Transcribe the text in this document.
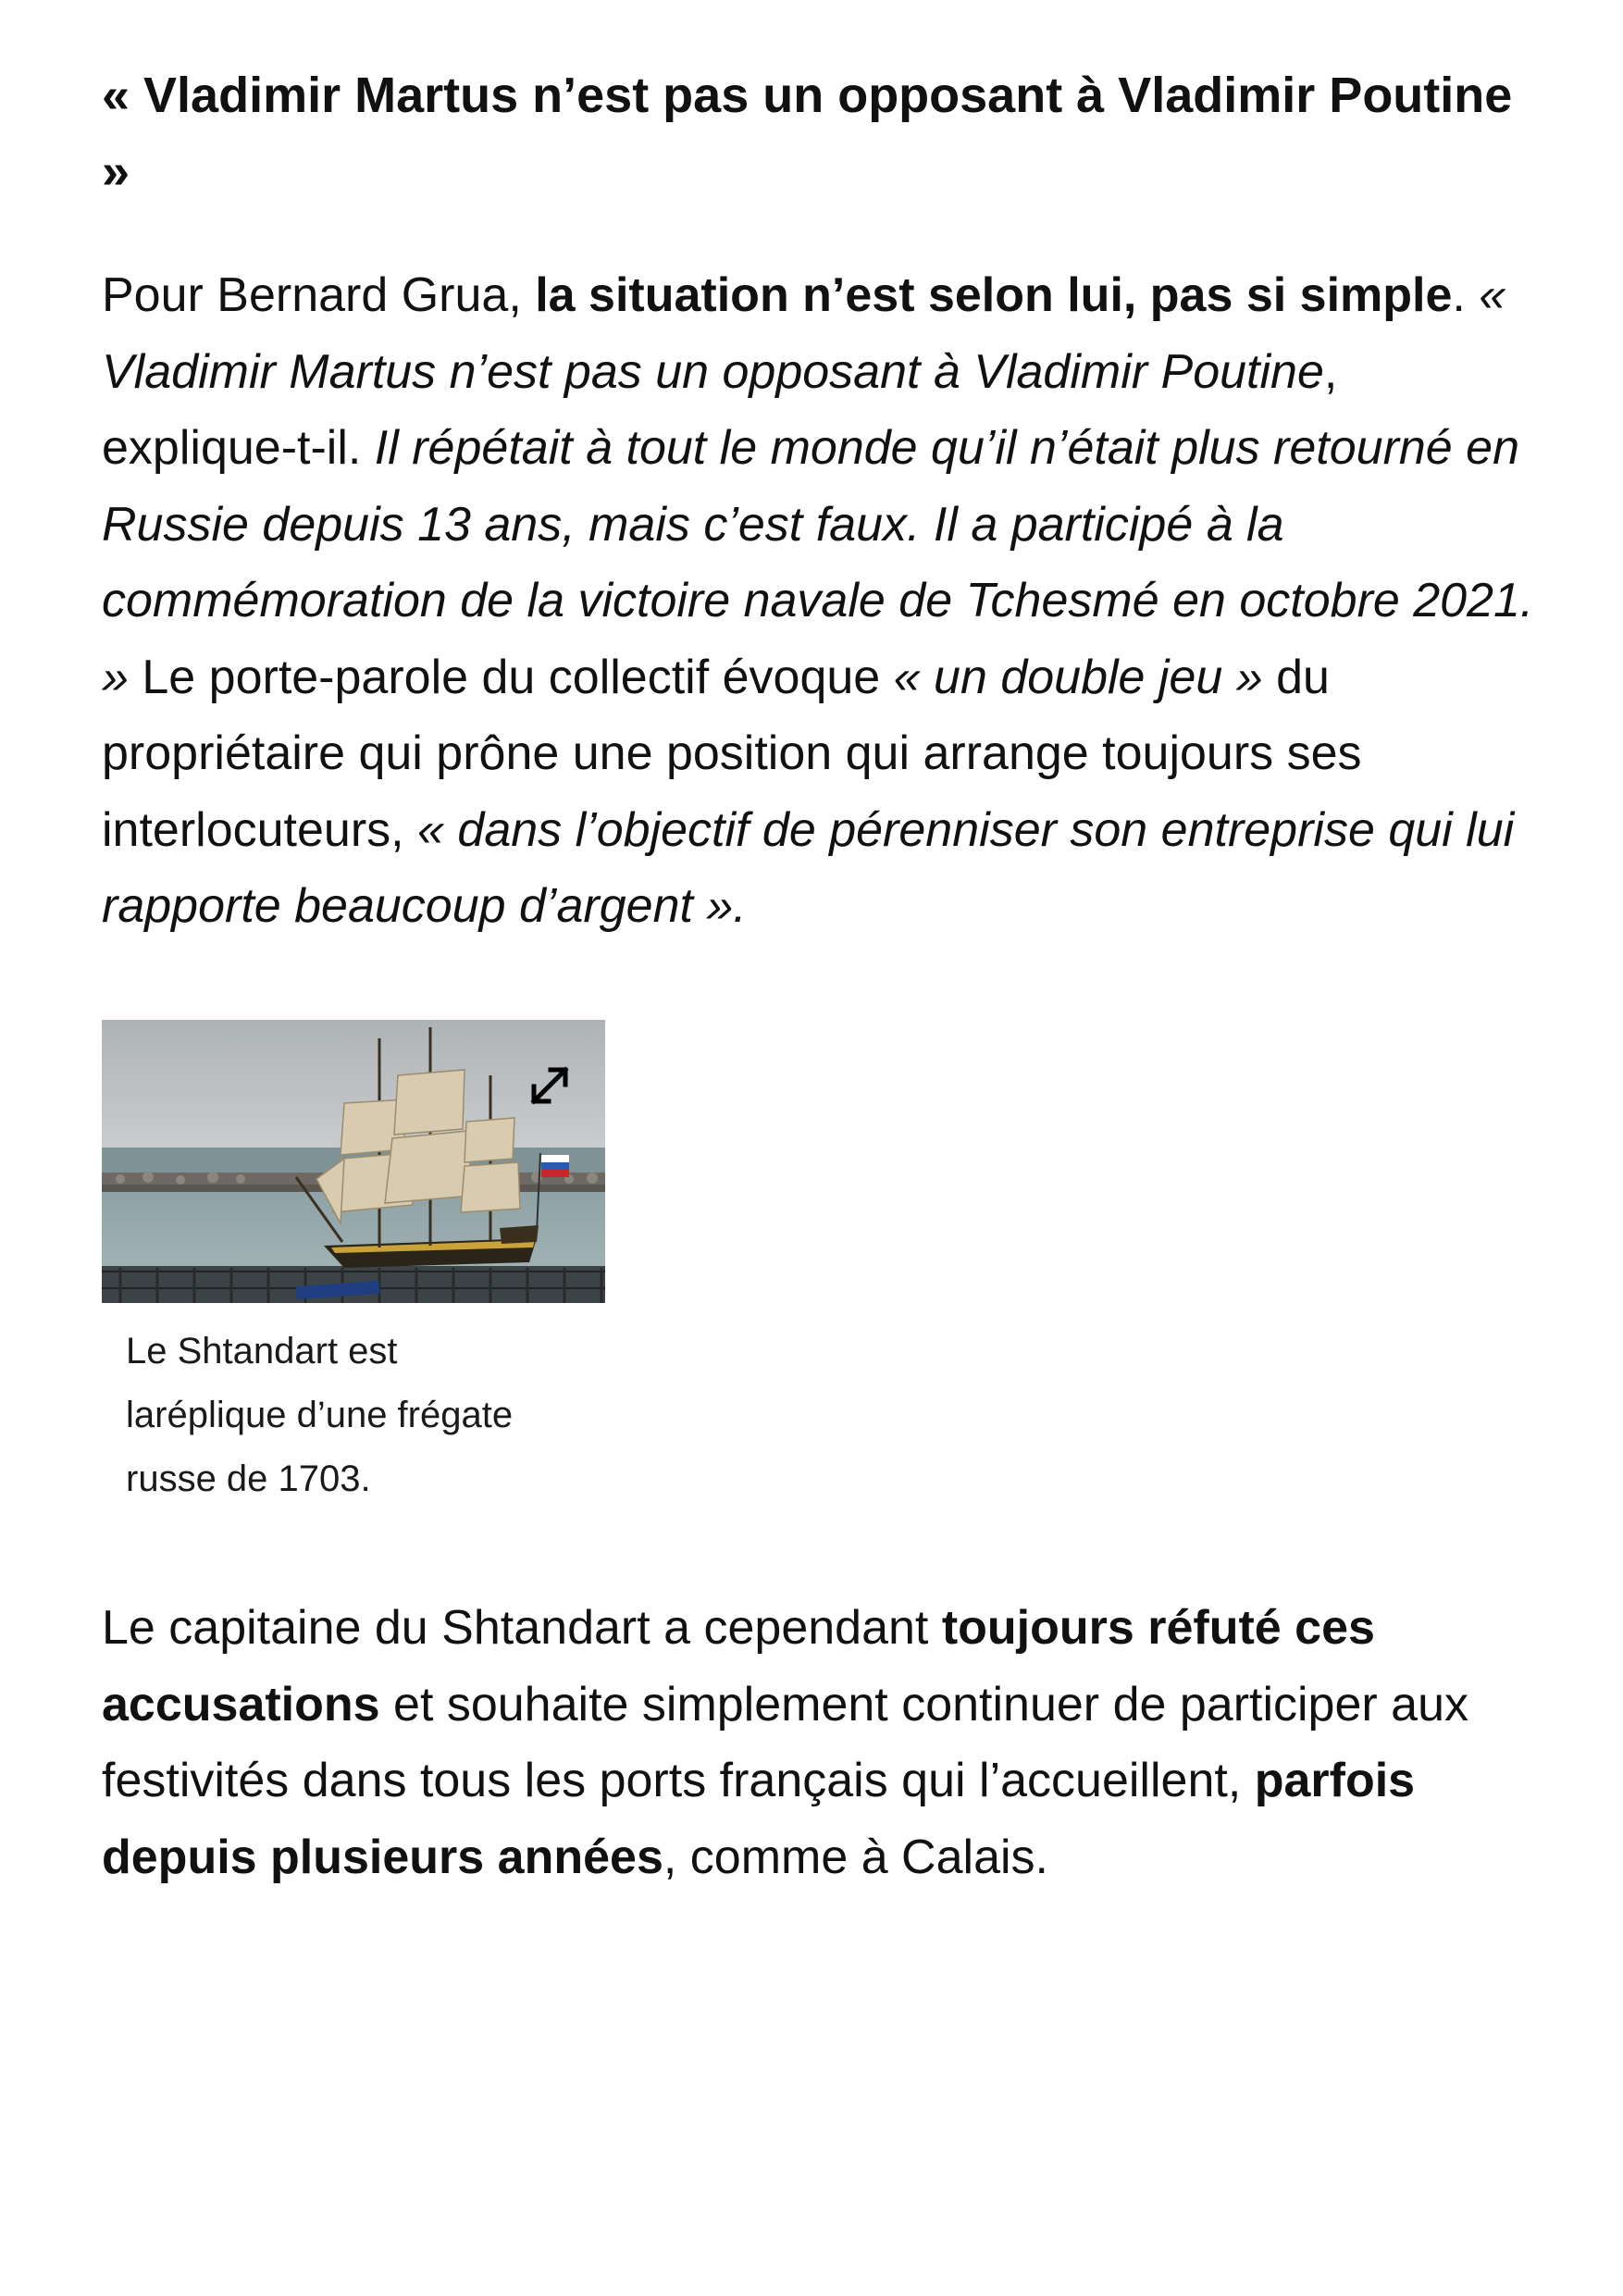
« Vladimir Martus n’est pas un opposant à Vladimir Poutine »

Pour Bernard Grua, la situation n’est selon lui, pas si simple. « Vladimir Martus n’est pas un opposant à Vladimir Poutine, explique-t-il. Il répétait à tout le monde qu’il n’était plus retourné en Russie depuis 13 ans, mais c’est faux. Il a participé à la commémoration de la victoire navale de Tchesmé en octobre 2021. » Le porte-parole du collectif évoque « un double jeu » du propriétaire qui prône une position qui arrange toujours ses interlocuteurs, « dans l’objectif de pérenniser son entreprise qui lui rapporte beaucoup d’argent ».

Le Shtandart est laréplique d’une frégate russe de 1703.

Le capitaine du Shtandart a cependant toujours réfuté ces accusations et souhaite simplement continuer de participer aux festivités dans tous les ports français qui l’accueillent, parfois depuis plusieurs années, comme à Calais.
